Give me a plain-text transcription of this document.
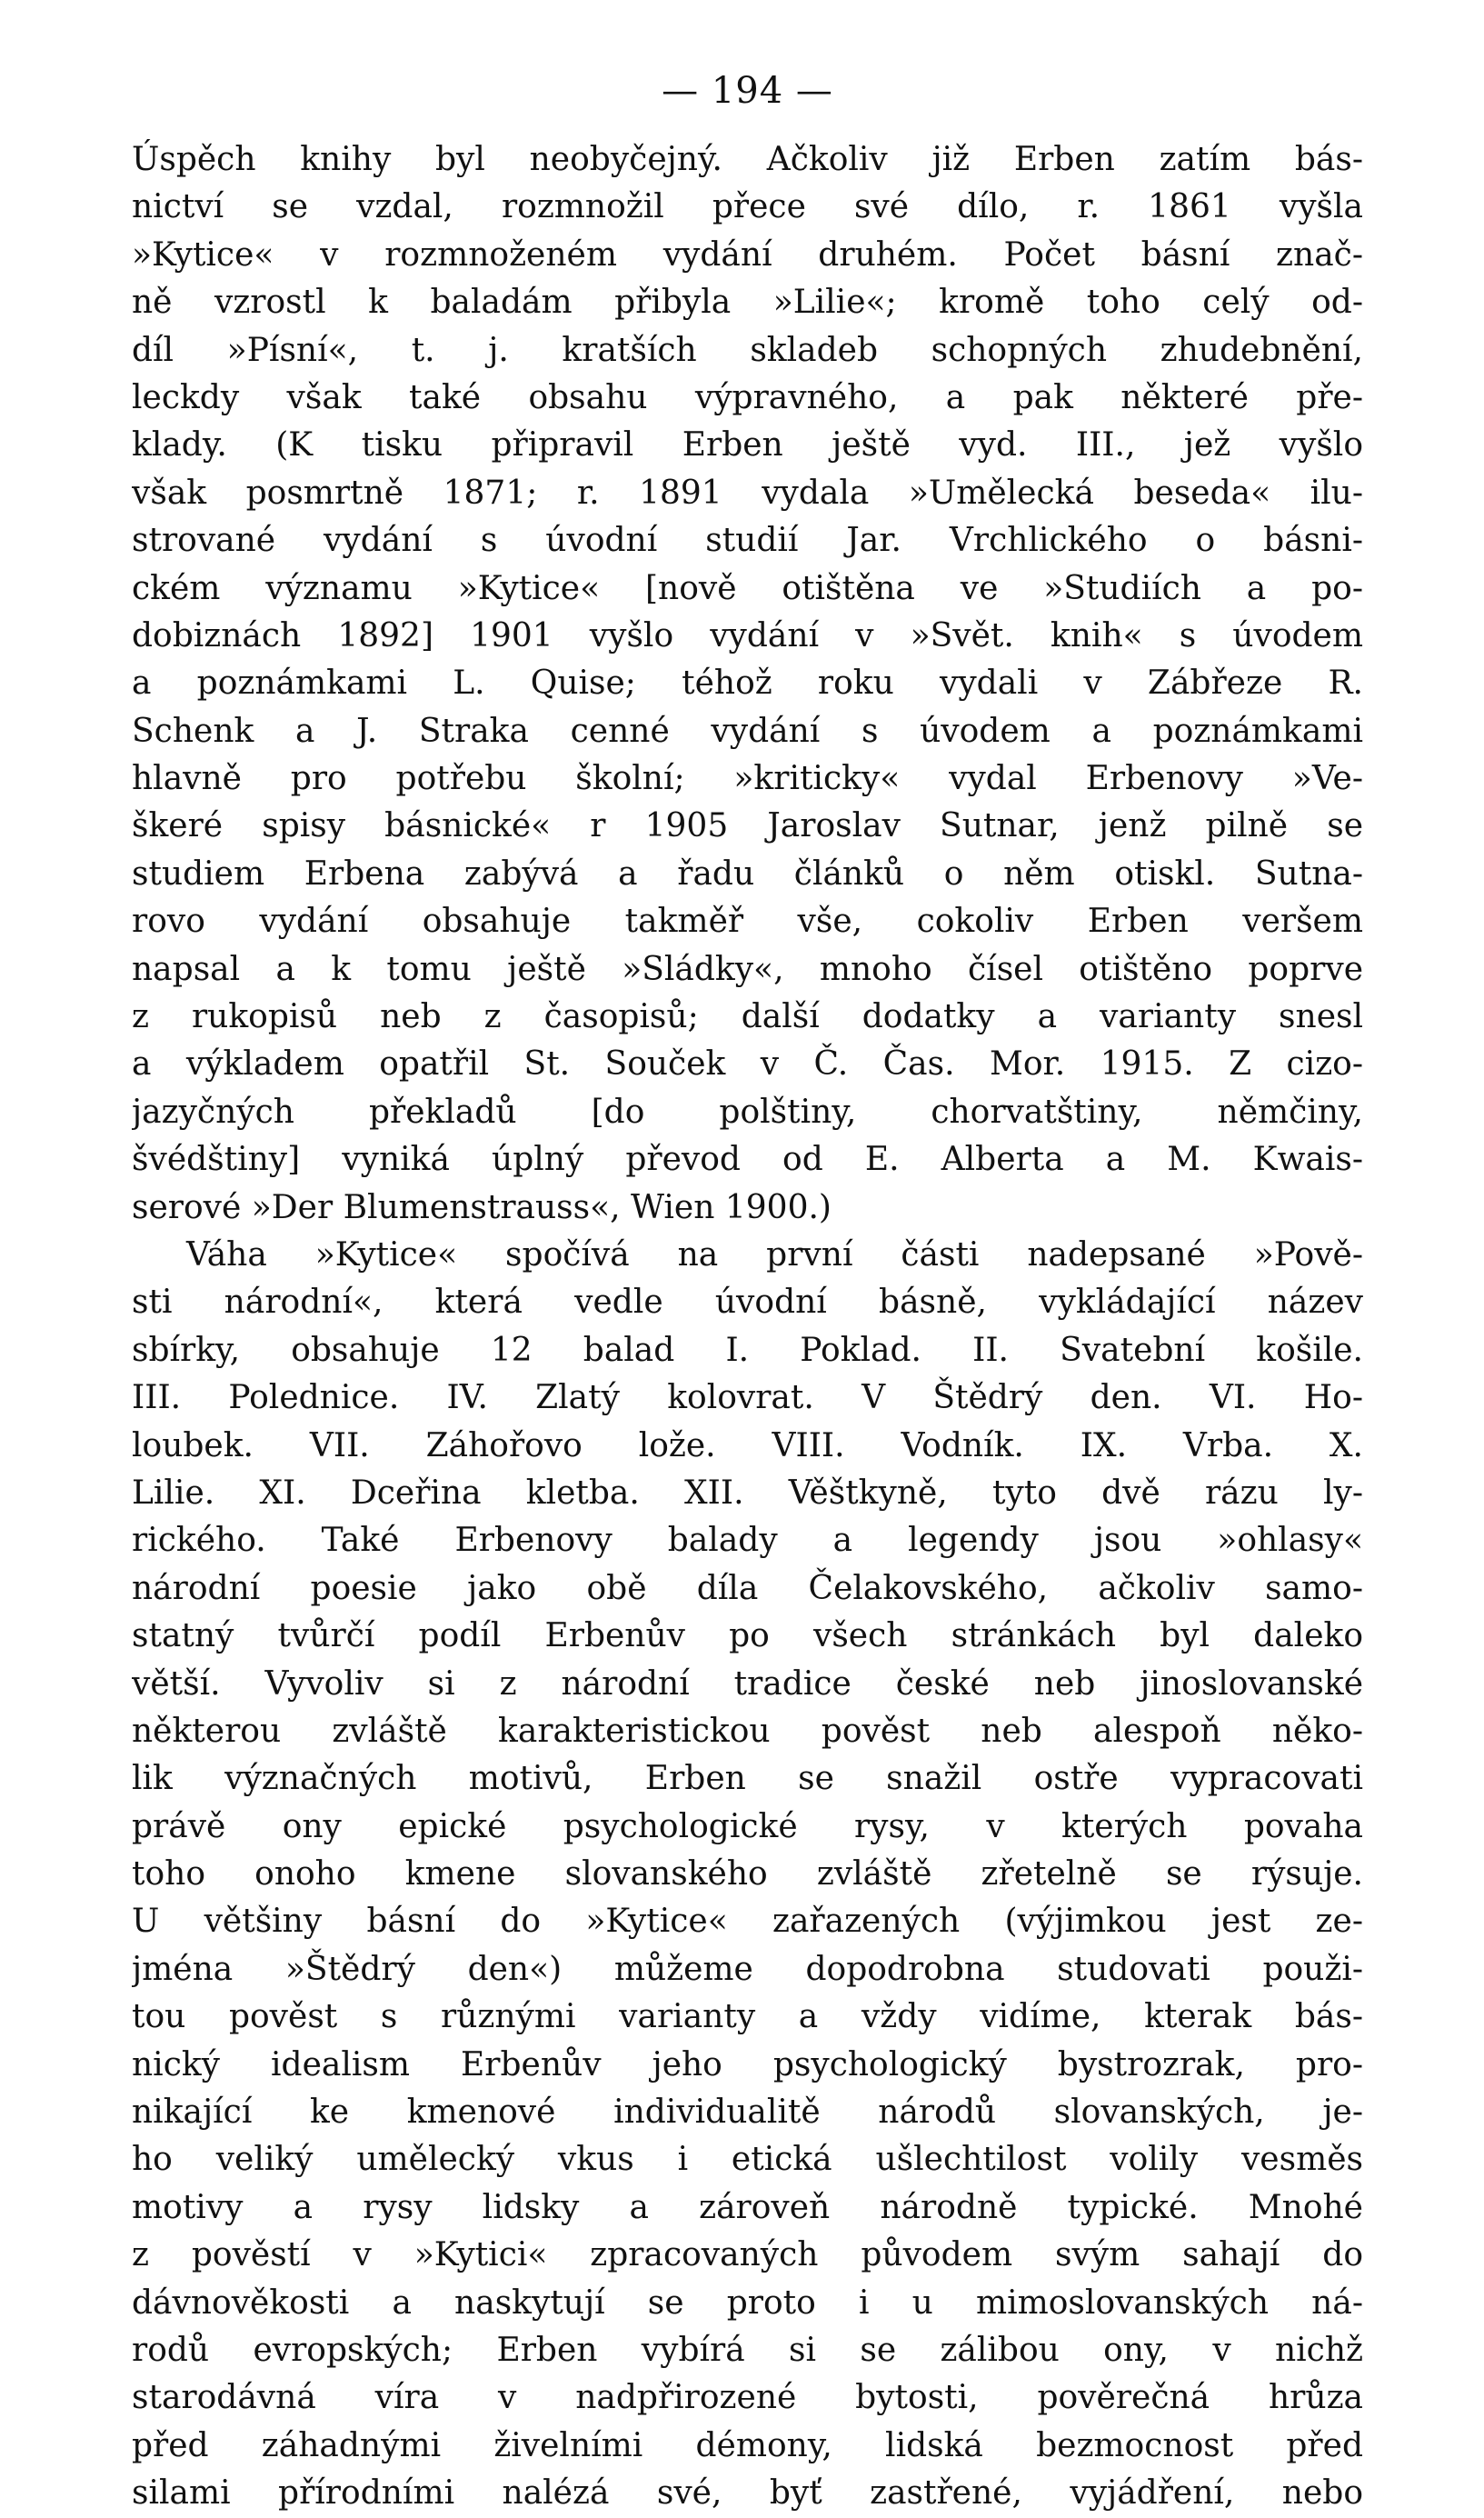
— 194 —
Úspěch knihy byl neobyčejný. Ačkoliv již Erben zatím bás-
nictví se vzdal, rozmnožil přece své dílo, r. 1861 vyšla
»Kytice« v rozmnoženém vydání druhém. Počet básní znač-
ně vzrostl k baladám přibyla »Lilie«; kromě toho celý od-
díl »Písní«, t. j. kratších skladeb schopných zhudebnění,
leckdy však také obsahu výpravného, a pak některé pře-
klady. (K tisku připravil Erben ještě vyd. III., jež vyšlo
však posmrtně 1871; r. 1891 vydala »Umělecká beseda« ilu-
strované vydání s úvodní studií Jar. Vrchlického o básni-
ckém významu »Kytice« [nově otištěna ve »Studiích a po-
dobiznách 1892] 1901 vyšlo vydání v »Svět. knih« s úvodem
a poznámkami L. Quise; téhož roku vydali v Zábřeze R.
Schenk a J. Straka cenné vydání s úvodem a poznámkami
hlavně pro potřebu školní; »kriticky« vydal Erbenovy »Ve-
škeré spisy básnické« r 1905 Jaroslav Sutnar, jenž pilně se
studiem Erbena zabývá a řadu článků o něm otiskl. Sutna-
rovo vydání obsahuje takměř vše, cokoliv Erben veršem
napsal a k tomu ještě »Sládky«, mnoho čísel otištěno poprve
z rukopisů neb z časopisů; další dodatky a varianty snesl
a výkladem opatřil St. Souček v Č. Čas. Mor. 1915. Z cizo-
jazyčných překladů [do polštiny, chorvatštiny, němčiny,
švédštiny] vyniká úplný převod od E. Alberta a M. Kwais-
serové »Der Blumenstrauss«, Wien 1900.)
Váha »Kytice« spočívá na první části nadepsané »Pově-
sti národní«, která vedle úvodní básně, vykládající název
sbírky, obsahuje 12 balad I. Poklad. II. Svatební košile.
III. Polednice. IV. Zlatý kolovrat. V Štědrý den. VI. Ho-
loubek. VII. Záhořovo lože. VIII. Vodník. IX. Vrba. X.
Lilie. XI. Dceřina kletba. XII. Věštkyně, tyto dvě rázu ly-
rického. Také Erbenovy balady a legendy jsou »ohlasy«
národní poesie jako obě díla Čelakovského, ačkoliv samo-
statný tvůrčí podíl Erbenův po všech stránkách byl daleko
větší. Vyvoliv si z národní tradice české neb jinoslovanské
některou zvláště karakteristickou pověst neb alespoň něko-
lik význačných motivů, Erben se snažil ostře vypracovati
právě ony epické psychologické rysy, v kterých povaha
toho onoho kmene slovanského zvláště zřetelně se rýsuje.
U většiny básní do »Kytice« zařazených (výjimkou jest ze-
jména »Štědrý den«) můžeme dopodrobna studovati použi-
tou pověst s různými varianty a vždy vidíme, kterak bás-
nický idealism Erbenův jeho psychologický bystrozrak, pro-
nikající ke kmenové individualitě národů slovanských, je-
ho veliký umělecký vkus i etická ušlechtilost volily vesměs
motivy a rysy lidsky a zároveň národně typické. Mnohé
z pověstí v »Kytici« zpracovaných původem svým sahají do
dávnověkosti a naskytují se proto i u mimoslovanských ná-
rodů evropských; Erben vybírá si se zálibou ony, v nichž
starodávná víra v nadpřirozené bytosti, pověrečná hrůza
před záhadnými živelními démony, lidská bezmocnost před
silami přírodními nalézá své, byť zastřené, vyjádření, nebo
